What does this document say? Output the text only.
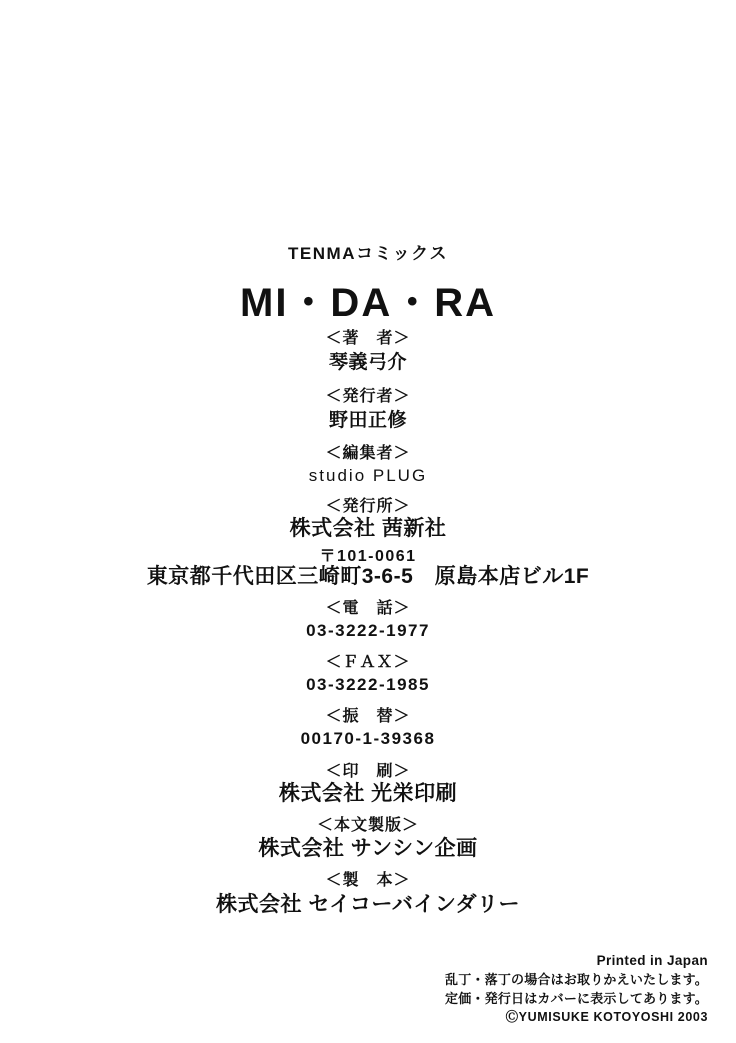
TENMAコミックス
MI・DA・RA
＜著　者＞
琴義弓介
＜発行者＞
野田正修
＜編集者＞
studio PLUG
＜発行所＞
株式会社 茜新社
〒101-0061
東京都千代田区三崎町3-6-5　原島本店ビル1F
＜電　話＞
03-3222-1977
＜ＦＡＸ＞
03-3222-1985
＜振　替＞
00170-1-39368
＜印　刷＞
株式会社 光栄印刷
＜本文製版＞
株式会社 サンシン企画
＜製　本＞
株式会社 セイコーバインダリー
Printed in Japan
乱丁・落丁の場合はお取りかえいたします。
定価・発行日はカバーに表示してあります。
ⒸYUMISUKE KOTOYOSHI 2003
